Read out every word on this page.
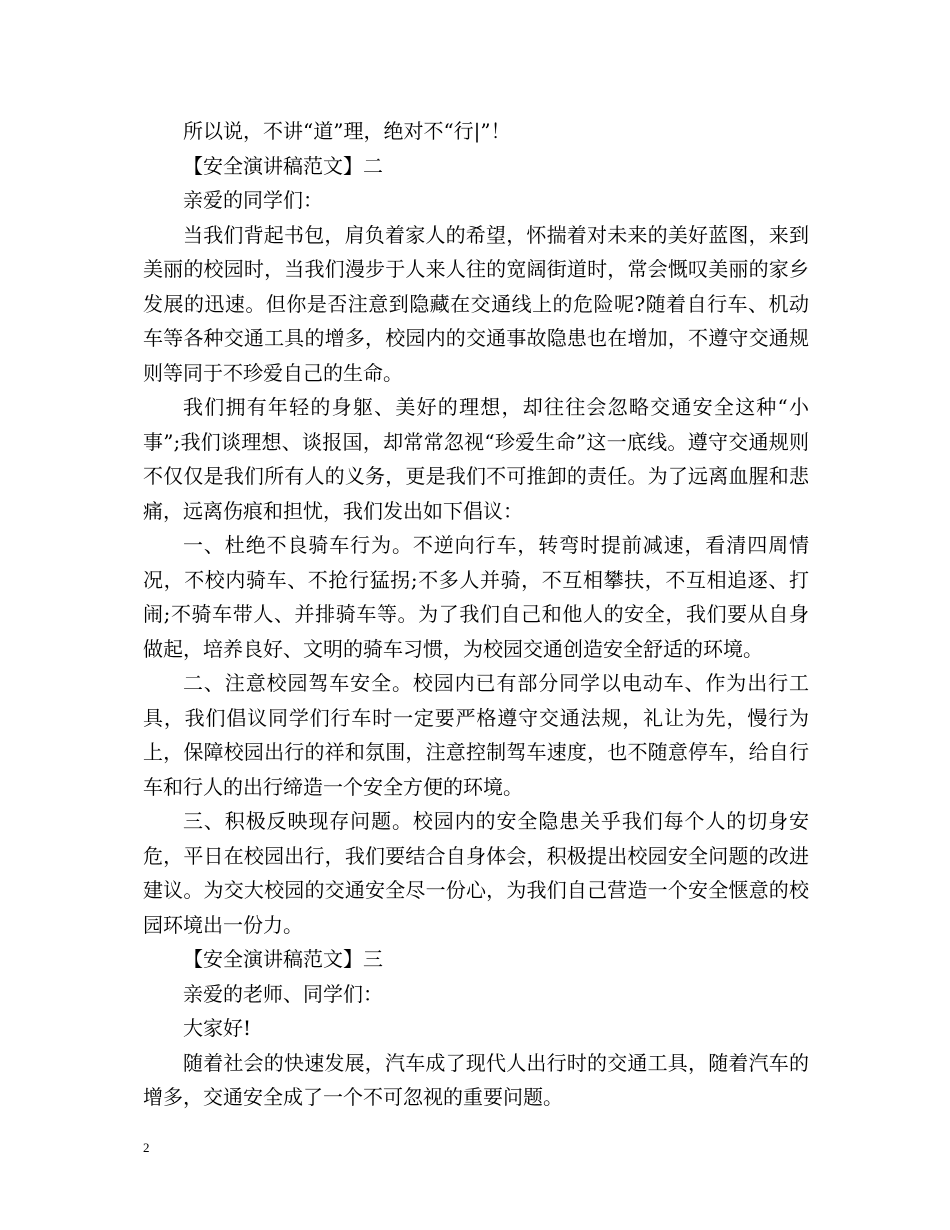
所以说，不讲“道”理，绝对不“行|”！

【安全演讲稿范文】二

亲爱的同学们：

当我们背起书包，肩负着家人的希望，怀揣着对未来的美好蓝图，来到美丽的校园时，当我们漫步于人来人往的宽阔街道时，常会慨叹美丽的家乡发展的迅速。但你是否注意到隐藏在交通线上的危险呢?随着自行车、机动车等各种交通工具的增多，校园内的交通事故隐患也在增加，不遵守交通规则等同于不珍爱自己的生命。

我们拥有年轻的身躯、美好的理想，却往往会忽略交通安全这种“小事”;我们谈理想、谈报国，却常常忽视“珍爱生命”这一底线。遵守交通规则不仅仅是我们所有人的义务，更是我们不可推卸的责任。为了远离血腥和悲痛，远离伤痕和担忧，我们发出如下倡议：

一、杜绝不良骑车行为。不逆向行车，转弯时提前减速，看清四周情况，不校内骑车、不抢行猛拐;不多人并骑，不互相攀扶，不互相追逐、打闹;不骑车带人、并排骑车等。为了我们自己和他人的安全，我们要从自身做起，培养良好、文明的骑车习惯，为校园交通创造安全舒适的环境。

二、注意校园驾车安全。校园内已有部分同学以电动车、作为出行工具，我们倡议同学们行车时一定要严格遵守交通法规，礼让为先，慢行为上，保障校园出行的祥和氛围，注意控制驾车速度，也不随意停车，给自行车和行人的出行缔造一个安全方便的环境。

三、积极反映现存问题。校园内的安全隐患关乎我们每个人的切身安危，平日在校园出行，我们要结合自身体会，积极提出校园安全问题的改进建议。为交大校园的交通安全尽一份心，为我们自己营造一个安全惬意的校园环境出一份力。

【安全演讲稿范文】三

亲爱的老师、同学们：

大家好!

随着社会的快速发展，汽车成了现代人出行时的交通工具，随着汽车的增多，交通安全成了一个不可忽视的重要问题。

2
